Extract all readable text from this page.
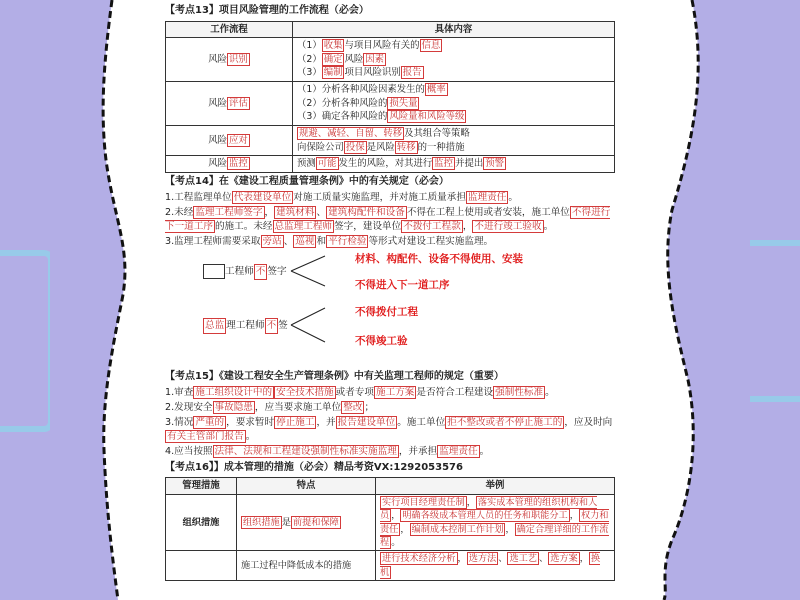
【考点13】项目风险管理的工作流程（必会）
工作流程	具体内容
风险 识别	（1） 收集 与项目风险有关的 信息
（2） 确定 风险 因素
（3） 编制 项目风险识别 报告

风险 评估	（1）分析各种风险因素发生的 概率
（2）分析各种风险的 损失量
（3）确定各种风险的 风险量和风险等级

风险 应对	规避、减轻、自留、转移 及其组合等策略
向保险公司 投保 是风险 转移 的一种措施

风险 监控	预测 可能 发生的风险，对其进行 监控 并提出 预警
【考点14】在《建设工程质量管理条例》中的有关规定（必会）
1.工程监理单位 代表建设单位 对施工质量实施监理，并对施工质量承担 监理责任 。
2.未经 监理工程师签字 ， 建筑材料 、 建筑构配件和设备 不得在工程上使用或者安装，施工单位 不得进行下一道工序 的施工。未经 总监理工程师 签字，建设单位 不拨付工程款 ， 不进行竣工验收 。
3.监理工程师需要采取 旁站 、 巡视 和 平行检验 等形式对建设工程实施监理。
工程师 不 签字
总监 理工程师 不 签
材料、构配件、设备不得使用、安装
不得进入下一道工序
不得拨付工程
不得竣工验
【考点15】《建设工程安全生产管理条例》中有关监理工程师的规定（重要）
1.审查 施工组织设计中的 安全技术措施 或者专项 施工方案 是否符合工程建设 强制性标准 。
2.发现安全 事故隐患 ，应当要求施工单位 整改 ；
3.情况 严重的 ，要求暂时 停止施工 ，并 报告建设单位 。施工单位 拒不整改或者不停止施工的 ，应及时向有关主管部门报告 。
4.应当按照 法律、法规和工程建设强制性标准实施监理 ，并承担 监理责任 。
【考点16】】成本管理的措施（必会）精品考资VX:1292053576
管理措施	特点	举例
组织措施	组织措施 是 前提和保障	实行项目经理责任制 ， 落实成本管理的组织机构和人员 ， 明确各级成本管理人员的任务和职能分工 ， 权力和责任 ， 编制成本控制工作计划 ， 确定合理详细的工作流程 。
	施工过程中降低成本的措施	进行技术经济分析 ， 选方法 、 选工艺 、 选方案 ， 换机
